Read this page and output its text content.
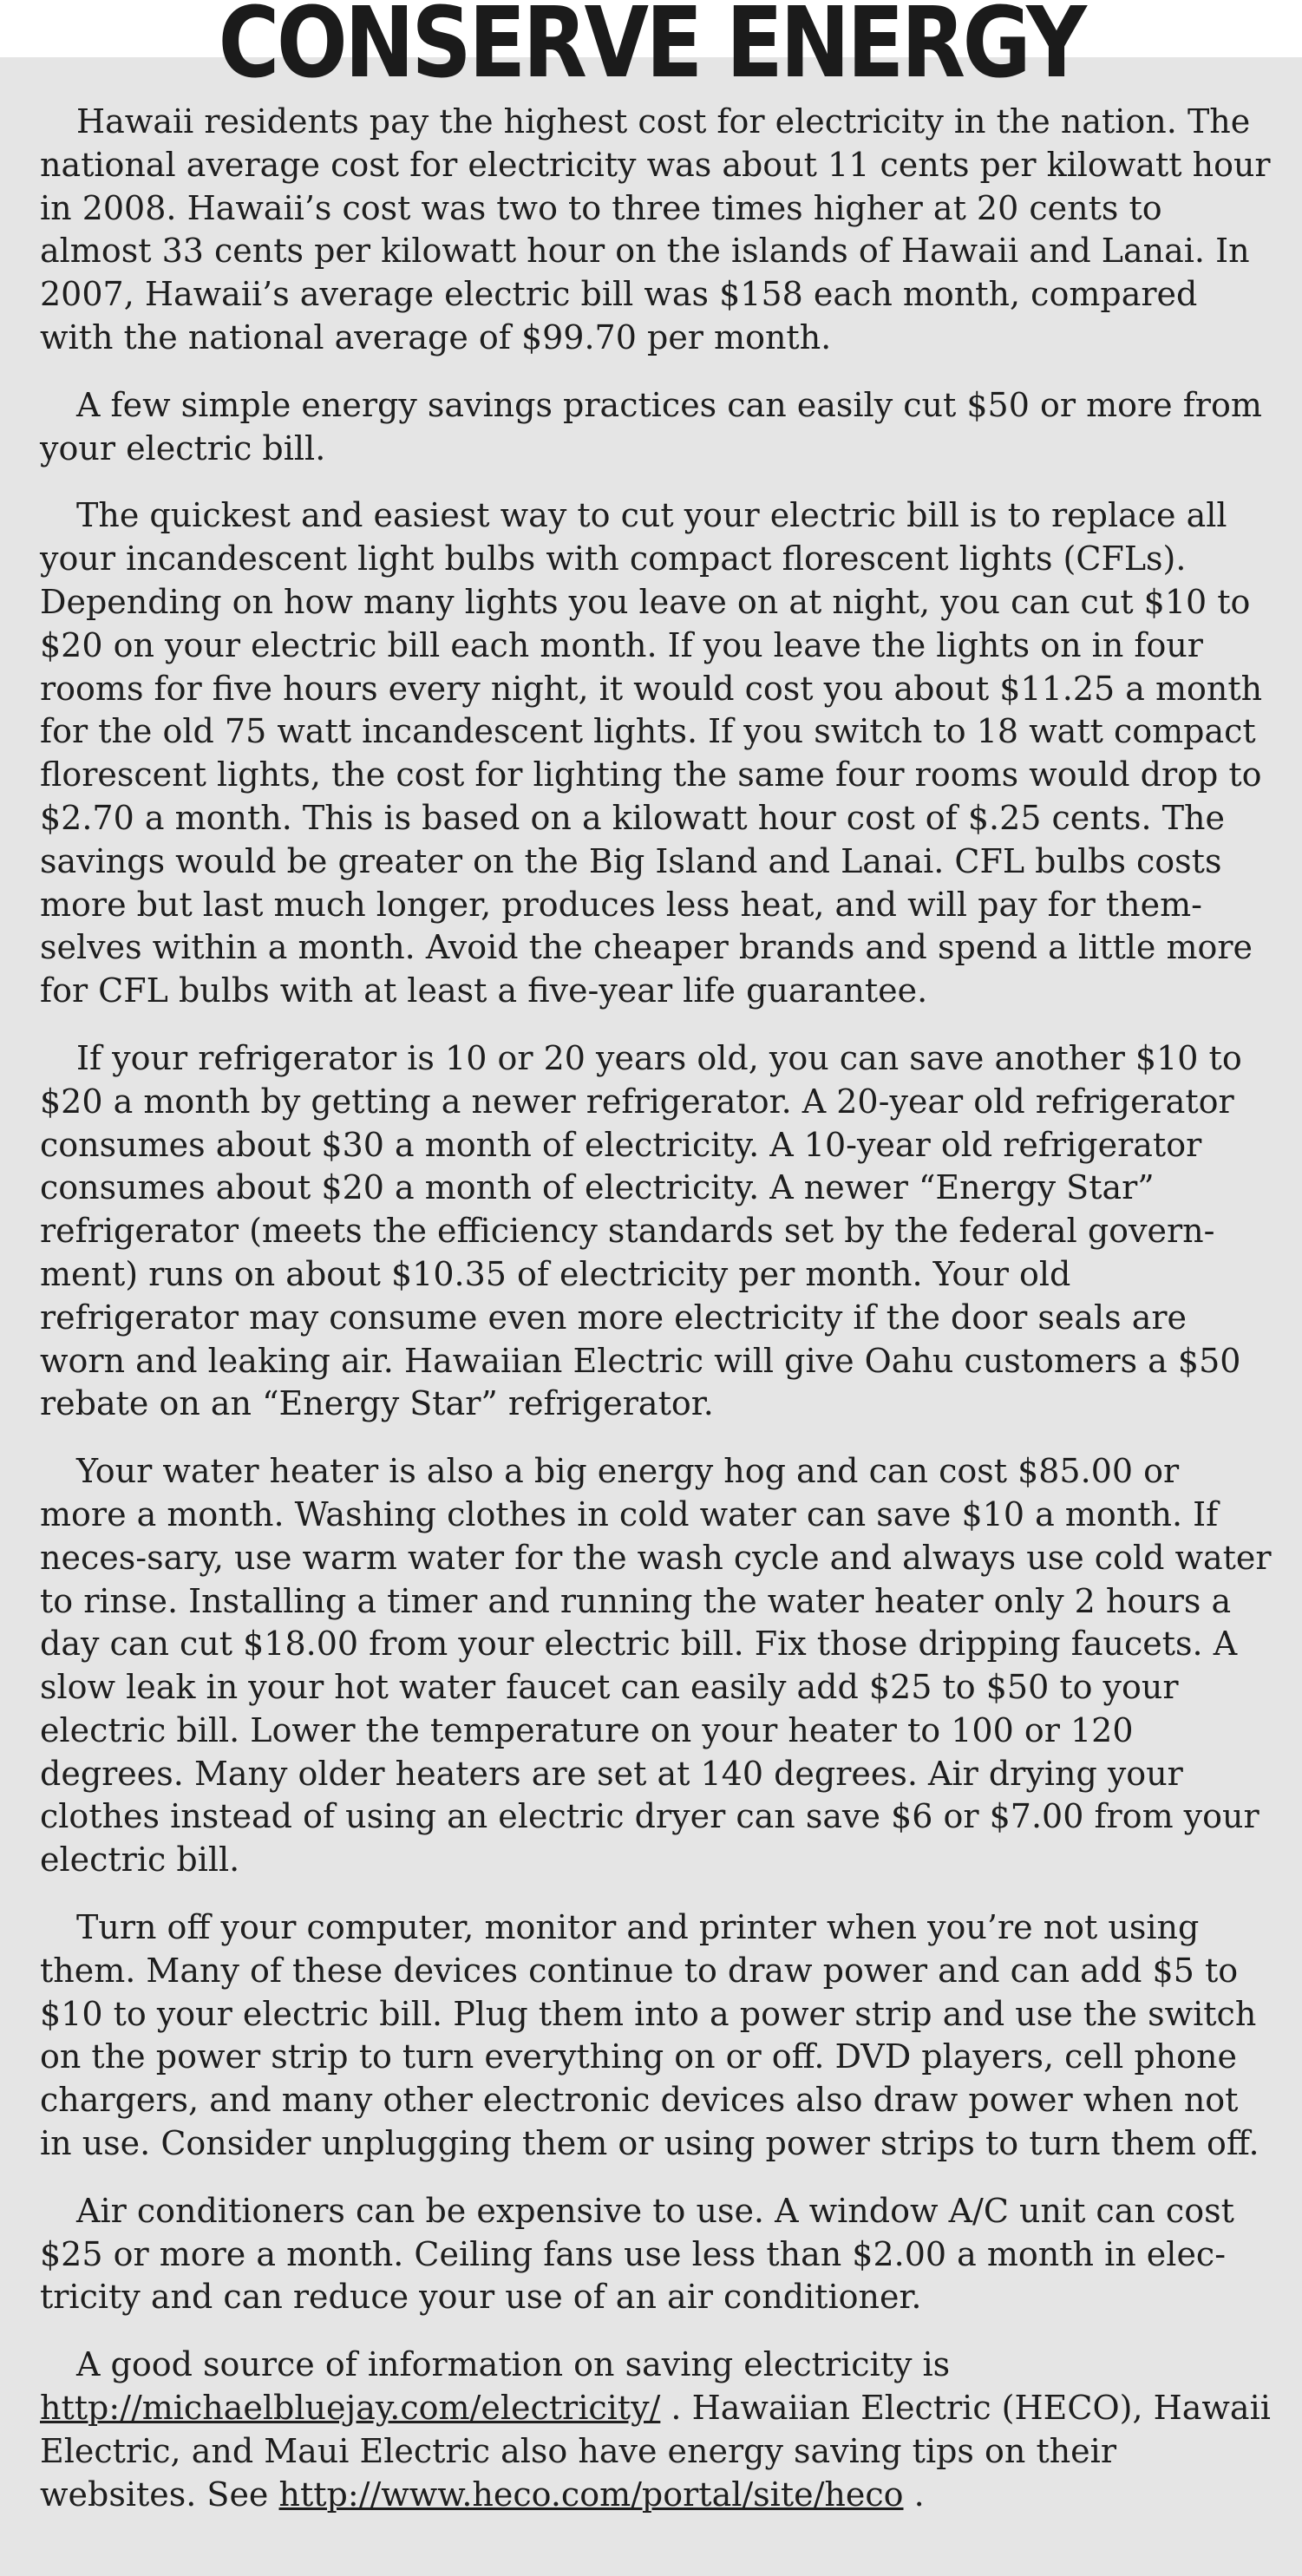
CONSERVE ENERGY

Hawaii residents pay the highest cost for electricity in the nation. The national average cost for electricity was about 11 cents per kilowatt hour in 2008. Hawaii’s cost was two to three times higher at 20 cents to almost 33 cents per kilowatt hour on the islands of Hawaii and Lanai. In 2007, Hawaii’s average electric bill was $158 each month, compared with the national average of $99.70 per month.

A few simple energy savings practices can easily cut $50 or more from your electric bill.

The quickest and easiest way to cut your electric bill is to replace all your incandescent light bulbs with compact florescent lights (CFLs). Depending on how many lights you leave on at night, you can cut $10 to $20 on your electric bill each month. If you leave the lights on in four rooms for five hours every night, it would cost you about $11.25 a month for the old 75 watt incandescent lights. If you switch to 18 watt compact florescent lights, the cost for lighting the same four rooms would drop to $2.70 a month. This is based on a kilowatt hour cost of $.25 cents. The savings would be greater on the Big Island and Lanai. CFL bulbs costs more but last much longer, produces less heat, and will pay for them-selves within a month. Avoid the cheaper brands and spend a little more for CFL bulbs with at least a five-year life guarantee.

If your refrigerator is 10 or 20 years old, you can save another $10 to $20 a month by getting a newer refrigerator. A 20-year old refrigerator consumes about $30 a month of electricity. A 10-year old refrigerator consumes about $20 a month of electricity. A newer “Energy Star” refrigerator (meets the efficiency standards set by the federal govern-ment) runs on about $10.35 of electricity per month. Your old refrigerator may consume even more electricity if the door seals are worn and leaking air. Hawaiian Electric will give Oahu customers a $50 rebate on an “Energy Star” refrigerator.

Your water heater is also a big energy hog and can cost $85.00 or more a month. Washing clothes in cold water can save $10 a month. If neces-sary, use warm water for the wash cycle and always use cold water to rinse. Installing a timer and running the water heater only 2 hours a day can cut $18.00 from your electric bill. Fix those dripping faucets. A slow leak in your hot water faucet can easily add $25 to $50 to your electric bill. Lower the temperature on your heater to 100 or 120 degrees. Many older heaters are set at 140 degrees. Air drying your clothes instead of using an electric dryer can save $6 or $7.00 from your electric bill.

Turn off your computer, monitor and printer when you’re not using them. Many of these devices continue to draw power and can add $5 to $10 to your electric bill. Plug them into a power strip and use the switch on the power strip to turn everything on or off. DVD players, cell phone chargers, and many other electronic devices also draw power when not in use. Consider unplugging them or using power strips to turn them off.

Air conditioners can be expensive to use. A window A/C unit can cost $25 or more a month. Ceiling fans use less than $2.00 a month in elec-tricity and can reduce your use of an air conditioner.

A good source of information on saving electricity is http://michaelbluejay.com/electricity/ . Hawaiian Electric (HECO), Hawaii Electric, and Maui Electric also have energy saving tips on their websites. See http://www.heco.com/portal/site/heco .
